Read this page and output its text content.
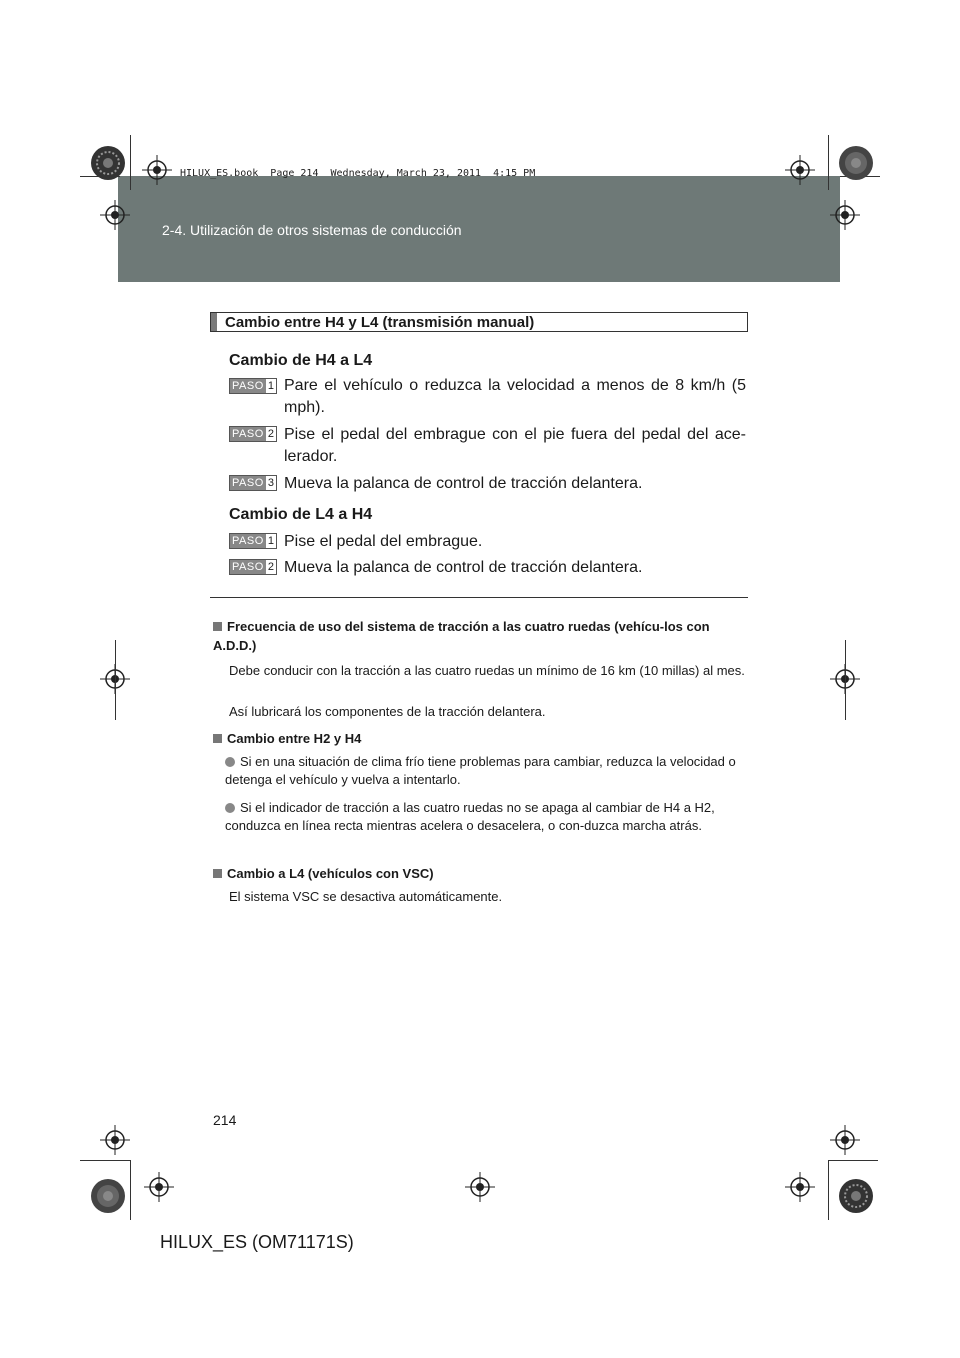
2-4. Utilización de otros sistemas de conducción
HILUX_ES.book  Page 214  Wednesday, March 23, 2011  4:15 PM
Cambio entre H4 y L4 (transmisión manual)
Cambio de H4 a L4
PASO 1 Pare el vehículo o reduzca la velocidad a menos de 8 km/h (5 mph).
PASO 2 Pise el pedal del embrague con el pie fuera del pedal del ace-lerador.
PASO 3 Mueva la palanca de control de tracción delantera.
Cambio de L4 a H4
PASO 1 Pise el pedal del embrague.
PASO 2 Mueva la palanca de control de tracción delantera.
Frecuencia de uso del sistema de tracción a las cuatro ruedas (vehícu-los con A.D.D.)
Debe conducir con la tracción a las cuatro ruedas un mínimo de 16 km (10 millas) al mes.
Así lubricará los componentes de la tracción delantera.
Cambio entre H2 y H4
Si en una situación de clima frío tiene problemas para cambiar, reduzca la velocidad o detenga el vehículo y vuelva a intentarlo.
Si el indicador de tracción a las cuatro ruedas no se apaga al cambiar de H4 a H2, conduzca en línea recta mientras acelera o desacelera, o con-duzca marcha atrás.
Cambio a L4 (vehículos con VSC)
El sistema VSC se desactiva automáticamente.
214
HILUX_ES (OM71171S)
